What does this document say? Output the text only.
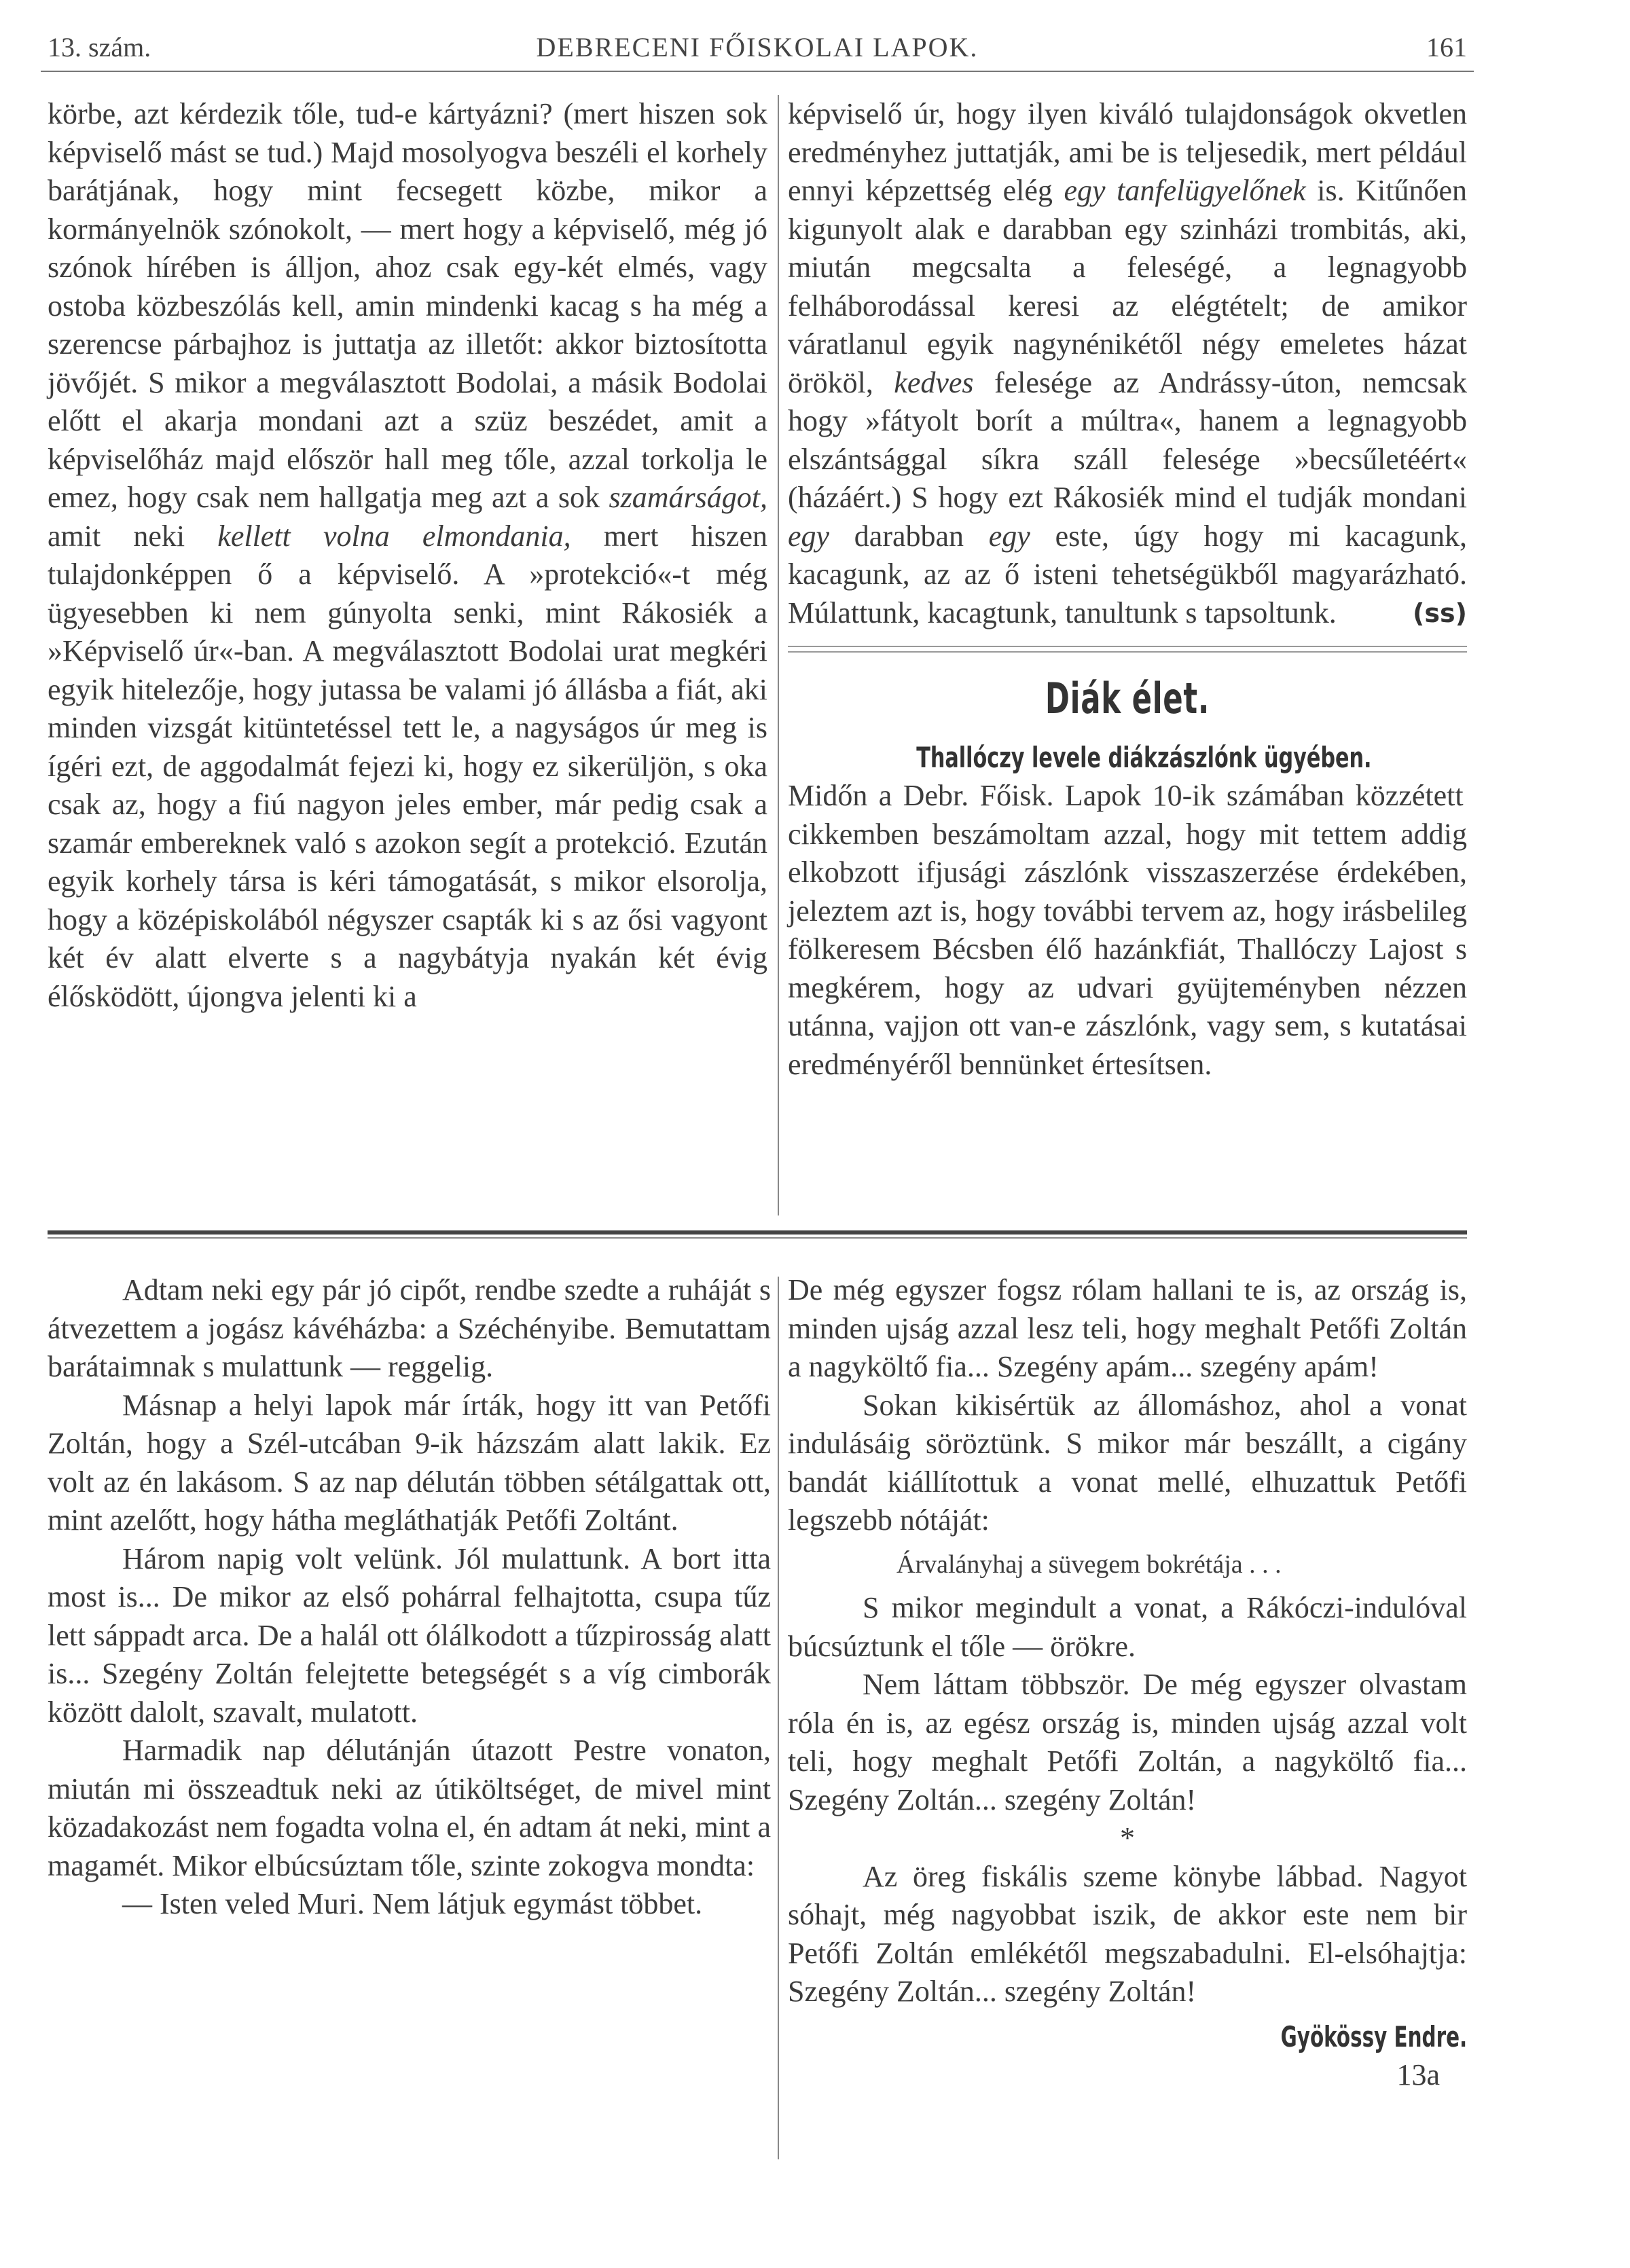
13. szám.	DEBRECENI FŐISKOLAI LAPOK.	161

körbe, azt kérdezik tőle, tud-e kártyázni? (mert hiszen sok képviselő mást se tud.) Majd mosolyogva beszéli el korhely barátjának, hogy mint fecsegett közbe, mikor a kormányelnök szónokolt, — mert hogy a képviselő, még jó szónok hírében is álljon, ahoz csak egy-két elmés, vagy ostoba közbeszólás kell, amin mindenki kacag s ha még a szerencse párbajhoz is juttatja az illetőt: akkor biztosította jövőjét. S mikor a megválasztott Bodolai, a másik Bodolai előtt el akarja mondani azt a szüz beszédet, amit a képviselőház majd először hall meg tőle, azzal torkolja le emez, hogy csak nem hallgatja meg azt a sok szamárságot, amit neki kellett volna elmondania, mert hiszen tulajdonképpen ő a képviselő. A »protekció«-t még ügyesebben ki nem gúnyolta senki, mint Rákosiék a »Képviselő úr«-ban. A megválasztott Bodolai urat megkéri egyik hitelezője, hogy jutassa be valami jó állásba a fiát, aki minden vizsgát kitüntetéssel tett le, a nagyságos úr meg is ígéri ezt, de aggodalmát fejezi ki, hogy ez sikerüljön, s oka csak az, hogy a fiú nagyon jeles ember, már pedig csak a szamár embereknek való s azokon segít a protekció. Ezután egyik korhely társa is kéri támogatását, s mikor elsorolja, hogy a középiskolából négyszer csapták ki s az ősi vagyont két év alatt elverte s a nagybátyja nyakán két évig élősködött, újongva jelenti ki a

képviselő úr, hogy ilyen kiváló tulajdonságok okvetlen eredményhez juttatják, ami be is teljesedik, mert például ennyi képzettség elég egy tanfelügyelőnek is. Kitűnően kigunyolt alak e darabban egy szinházi trombitás, aki, miután megcsalta a feleségé, a legnagyobb felháborodással keresi az elégtételt; de amikor váratlanul egyik nagynénikétől négy emeletes házat örököl, kedves felesége az Andrássy-úton, nemcsak hogy »fátyolt borít a múltra«, hanem a legnagyobb elszántsággal síkra száll felesége »becsűletéért« (házáért.) S hogy ezt Rákosiék mind el tudják mondani egy darabban egy este, úgy hogy mi kacagunk, kacagunk, az az ő isteni tehetségükből magyarázható. Múlattunk, kacagtunk, tanultunk s tapsoltunk.	(ss)

Diák élet.

Thallóczy levele diákzászlónk ügyében. Midőn a Debr. Főisk. Lapok 10-ik számában közzétett cikkemben beszámoltam azzal, hogy mit tettem addig elkobzott ifjusági zászlónk visszaszerzése érdekében, jeleztem azt is, hogy további tervem az, hogy irásbelileg fölkeresem Bécsben élő hazánkfiát, Thallóczy Lajost s megkérem, hogy az udvari gyüjteményben nézzen utánna, vajjon ott van-e zászlónk, vagy sem, s kutatásai eredményéről bennünket értesítsen.

Adtam neki egy pár jó cipőt, rendbe szedte a ruháját s átvezettem a jogász kávéházba: a Széchényibe. Bemutattam barátaimnak s mulattunk — reggelig.

Másnap a helyi lapok már írták, hogy itt van Petőfi Zoltán, hogy a Szél-utcában 9-ik házszám alatt lakik. Ez volt az én lakásom. S az nap délután többen sétálgattak ott, mint azelőtt, hogy hátha megláthatják Petőfi Zoltánt.

Három napig volt velünk. Jól mulattunk. A bort itta most is... De mikor az első pohárral felhajtotta, csupa tűz lett sáppadt arca. De a halál ott ólálkodott a tűzpirosság alatt is... Szegény Zoltán felejtette betegségét s a víg cimborák között dalolt, szavalt, mulatott.

Harmadik nap délutánján útazott Pestre vonaton, miután mi összeadtuk neki az útiköltséget, de mivel mint közadakozást nem fogadta volna el, én adtam át neki, mint a magamét. Mikor elbúcsúztam tőle, szinte zokogva mondta:

— Isten veled Muri. Nem látjuk egymást többet.

De még egyszer fogsz rólam hallani te is, az ország is, minden ujság azzal lesz teli, hogy meghalt Petőfi Zoltán a nagyköltő fia... Szegény apám... szegény apám!

Sokan kikisértük az állomáshoz, ahol a vonat indulásáig söröztünk. S mikor már beszállt, a cigány bandát kiállítottuk a vonat mellé, elhuzattuk Petőfi legszebb nótáját:

Árvalányhaj a süvegem bokrétája . . .

S mikor megindult a vonat, a Rákóczi-indulóval búcsúztunk el tőle — örökre.

Nem láttam többször. De még egyszer olvastam róla én is, az egész ország is, minden ujság azzal volt teli, hogy meghalt Petőfi Zoltán, a nagyköltő fia... Szegény Zoltán... szegény Zoltán!

*

Az öreg fiskális szeme könybe lábbad. Nagyot sóhajt, még nagyobbat iszik, de akkor este nem bir Petőfi Zoltán emlékétől megszabadulni. El-elsóhajtja: Szegény Zoltán... szegény Zoltán!

Gyökössy Endre.

13a
